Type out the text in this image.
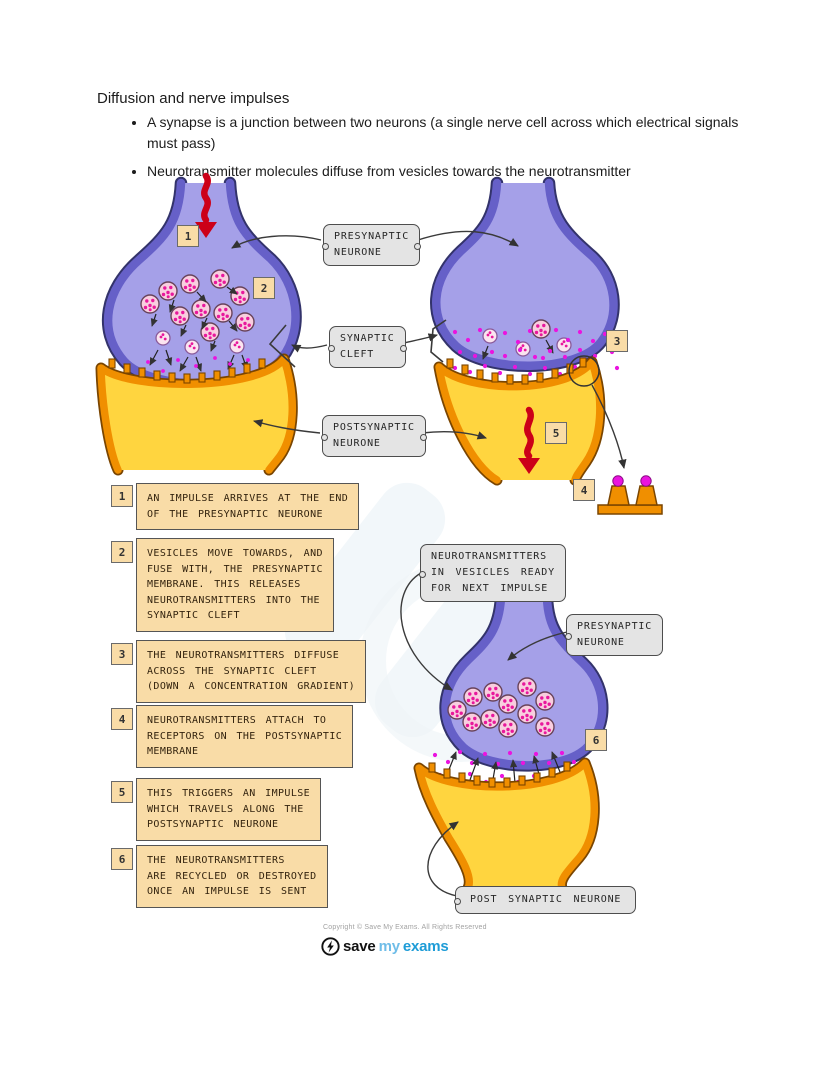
Diffusion and nerve impulses
• A synapse is a junction between two neurons (a single nerve cell across which electrical signals must pass)
• Neurotransmitter molecules diffuse from vesicles towards the neurotransmitter
PRESYNAPTIC
NEURONE
SYNAPTIC
CLEFT
POSTSYNAPTIC
NEURONE
NEUROTRANSMITTERS
IN VESICLES READY
FOR NEXT IMPULSE
PRESYNAPTIC
NEURONE
POST SYNAPTIC NEURONE
1
2
3
4
5
6
1	AN IMPULSE ARRIVES AT THE END
OF THE PRESYNAPTIC NEURONE
2	VESICLES MOVE TOWARDS, AND
FUSE WITH, THE PRESYNAPTIC
MEMBRANE. THIS RELEASES
NEUROTRANSMITTERS INTO THE
SYNAPTIC CLEFT
3	THE NEUROTRANSMITTERS DIFFUSE
ACROSS THE SYNAPTIC CLEFT
(DOWN A CONCENTRATION GRADIENT)
4	NEUROTRANSMITTERS ATTACH TO
RECEPTORS ON THE POSTSYNAPTIC
MEMBRANE
5	THIS TRIGGERS AN IMPULSE
WHICH TRAVELS ALONG THE
POSTSYNAPTIC NEURONE
6	THE NEUROTRANSMITTERS
ARE RECYCLED OR DESTROYED
ONCE AN IMPULSE IS SENT
Copyright © Save My Exams. All Rights Reserved
save my exams
